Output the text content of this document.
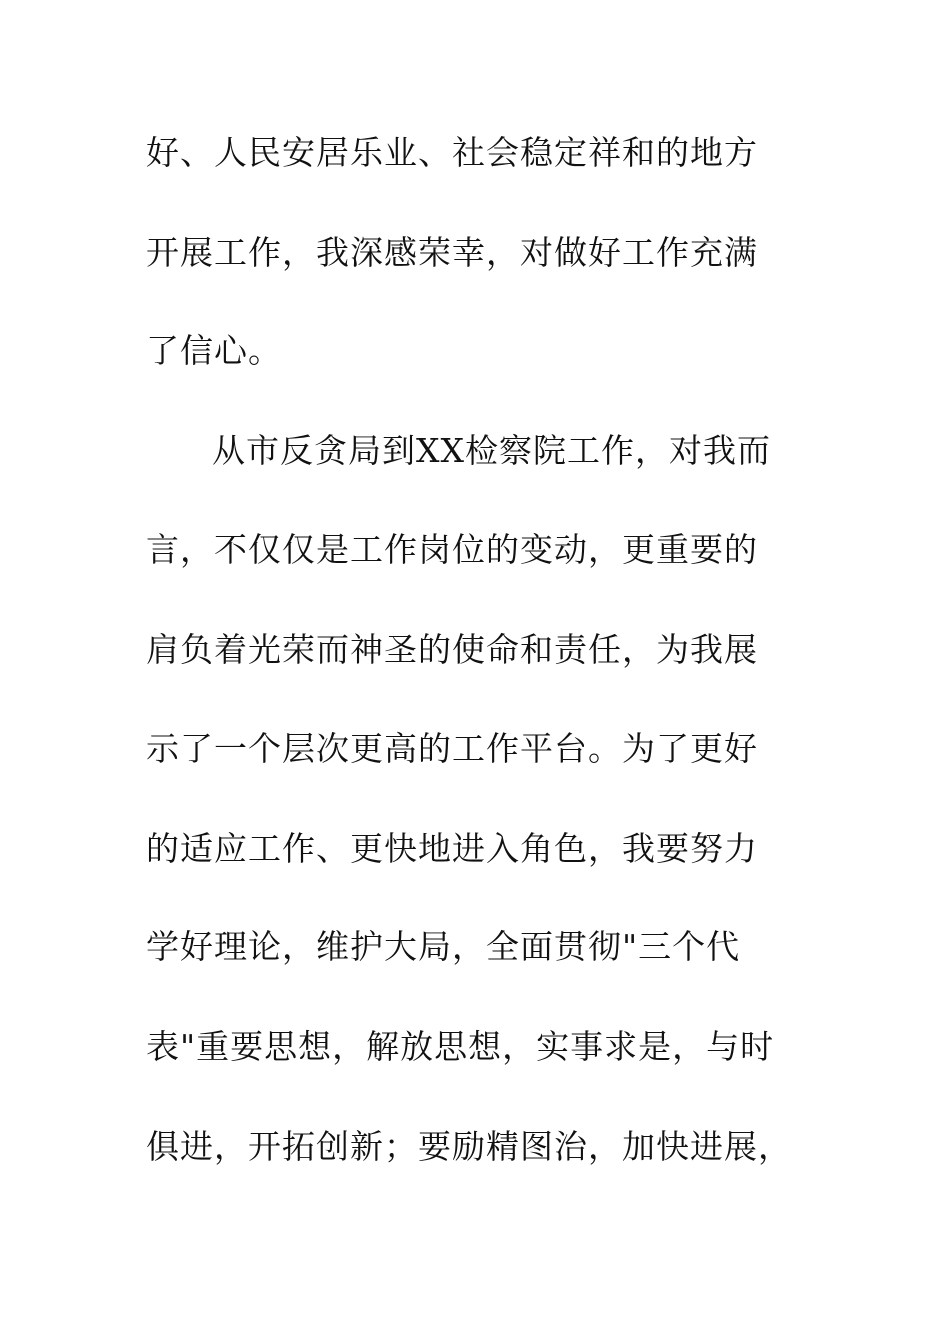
好、人民安居乐业、社会稳定祥和的地方
开展工作，我深感荣幸，对做好工作充满
了信心。
从市反贪局到XX检察院工作，对我而
言，不仅仅是工作岗位的变动，更重要的
肩负着光荣而神圣的使命和责任，为我展
示了一个层次更高的工作平台。为了更好
的适应工作、更快地进入角色，我要努力
学好理论，维护大局，全面贯彻"三个代
表"重要思想，解放思想，实事求是，与时
俱进，开拓创新；要励精图治，加快进展，
